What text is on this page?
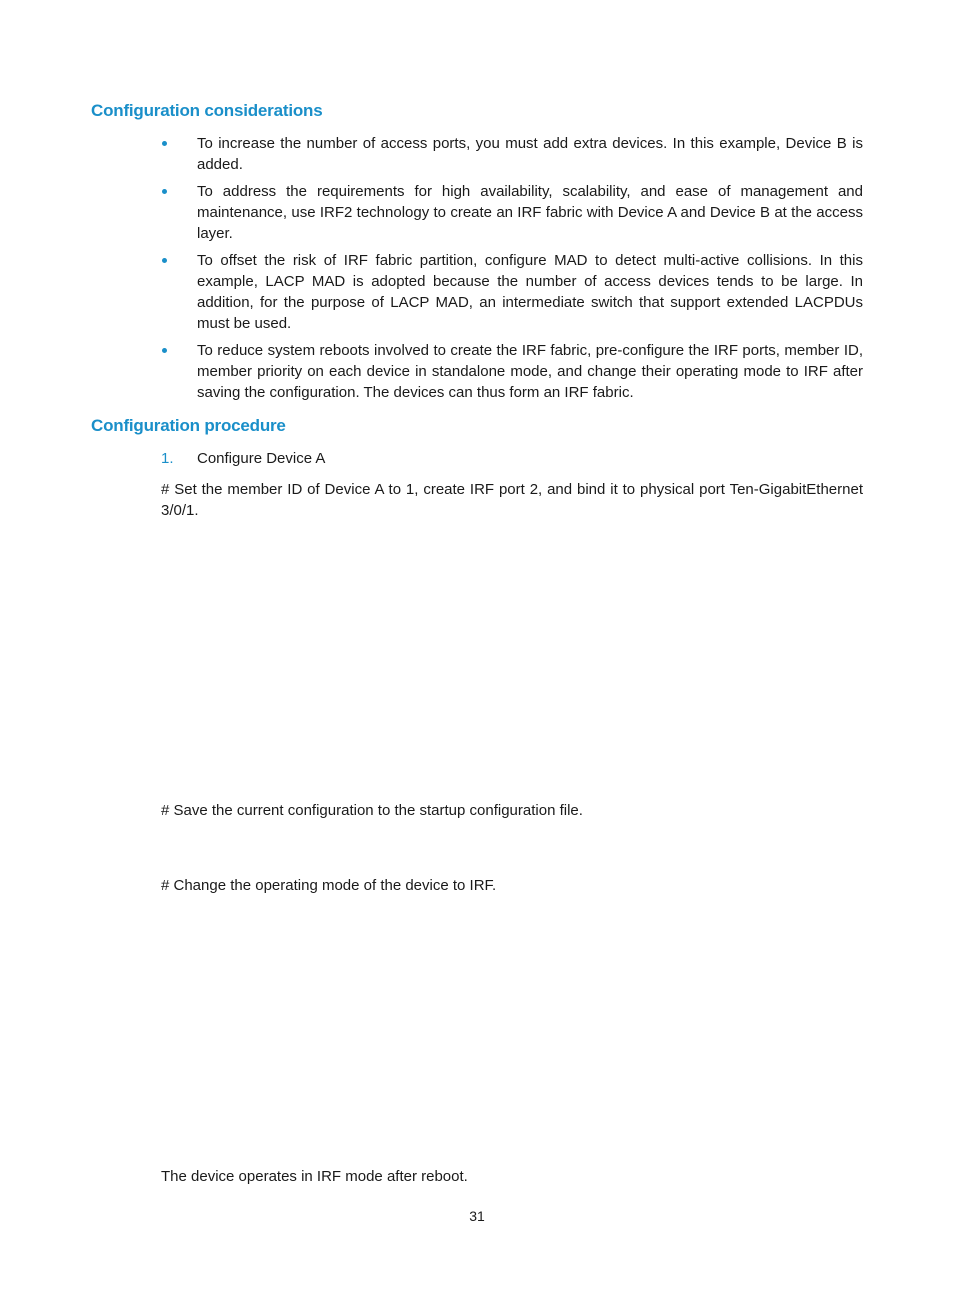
Configuration considerations
To increase the number of access ports, you must add extra devices. In this example, Device B is added.
To address the requirements for high availability, scalability, and ease of management and maintenance, use IRF2 technology to create an IRF fabric with Device A and Device B at the access layer.
To offset the risk of IRF fabric partition, configure MAD to detect multi-active collisions. In this example, LACP MAD is adopted because the number of access devices tends to be large. In addition, for the purpose of LACP MAD, an intermediate switch that support extended LACPDUs must be used.
To reduce system reboots involved to create the IRF fabric, pre-configure the IRF ports, member ID, member priority on each device in standalone mode, and change their operating mode to IRF after saving the configuration. The devices can thus form an IRF fabric.
Configuration procedure
1. Configure Device A

# Set the member ID of Device A to 1, create IRF port 2, and bind it to physical port Ten-GigabitEthernet 3/0/1.

# Save the current configuration to the startup configuration file.

# Change the operating mode of the device to IRF.

The device operates in IRF mode after reboot.

31
